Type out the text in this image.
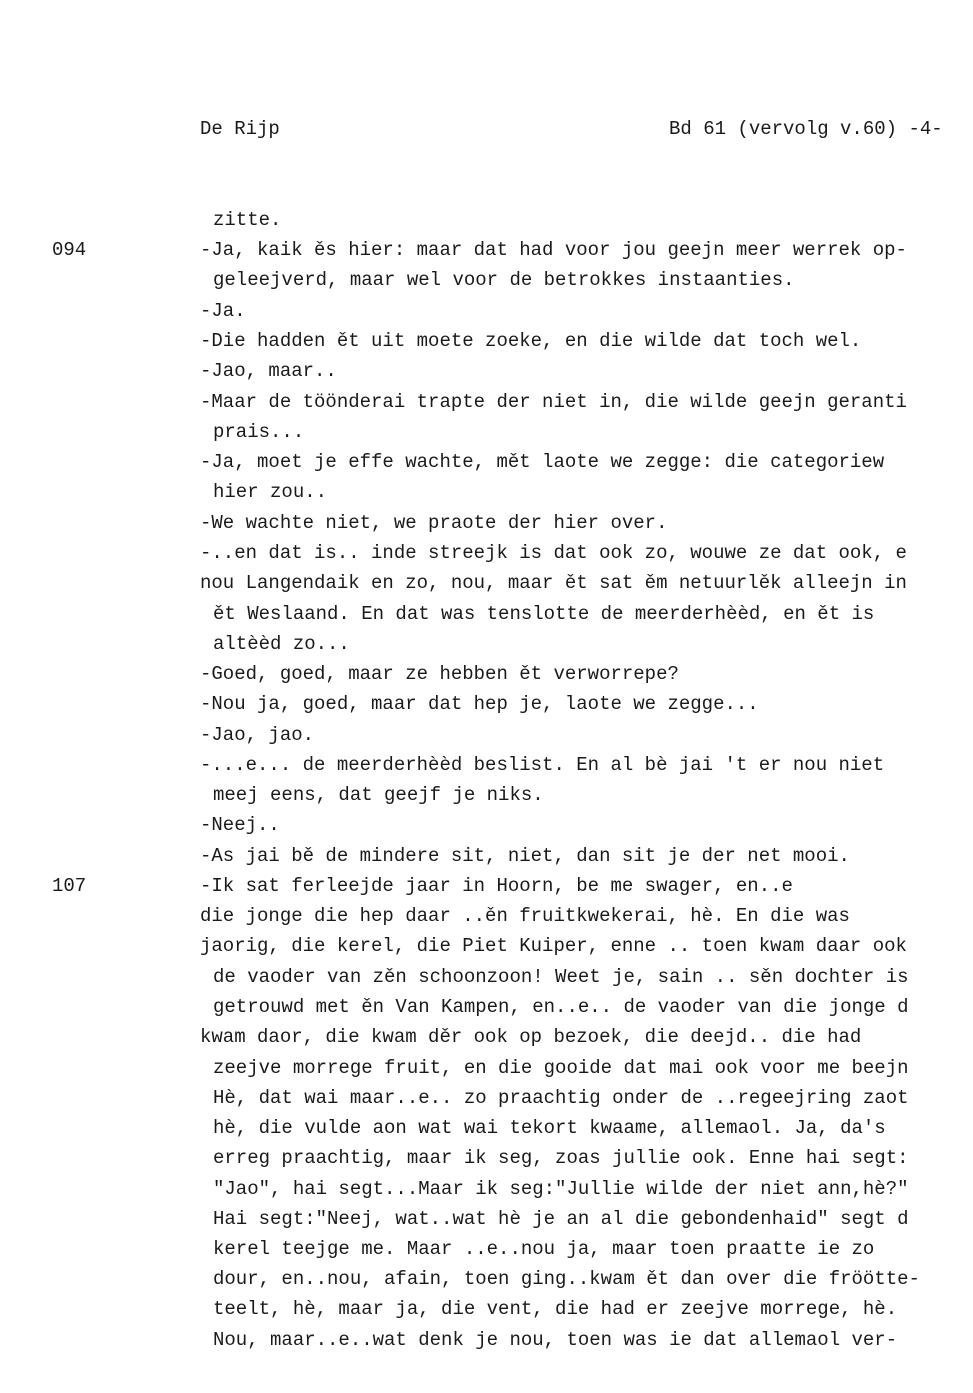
De Rijp	Bd 61 (vervolg v.60) -4-
094
107
zitte.
-Ja, kaik ěs hier: maar dat had voor jou geejn meer werrek op-
geleejverd, maar wel voor de betrokkes instaanties.
-Ja.
-Die hadden ět uit moete zoeke, en die wilde dat toch wel.
-Jao, maar..
-Maar de töönderai trapte der niet in, die wilde geejn geranti
prais...
-Ja, moet je effe wachte, mět laote we zegge: die categoriew
hier zou..
-We wachte niet, we praote der hier over.
-..en dat is.. inde streejk is dat ook zo, wouwe ze dat ook, e
nou Langendaik en zo, nou, maar ět sat ěm netuurlěk alleejn in
ět Weslaand. En dat was tenslotte de meerderhèèd, en ět is
altèèd zo...
-Goed, goed, maar ze hebben ět verworrepe?
-Nou ja, goed, maar dat hep je, laote we zegge...
-Jao, jao.
-...e... de meerderhèèd beslist. En al bè jai 't er nou niet
meej eens, dat geejf je niks.
-Neej..
-As jai bě de mindere sit, niet, dan sit je der net mooi.
-Ik sat ferleejde jaar in Hoorn, be me swager, en..e
die jonge die hep daar ..ěn fruitkwekerai, hè. En die was
jaorig, die kerel, die Piet Kuiper, enne .. toen kwam daar ook
de vaoder van zěn schoonzoon! Weet je, sain .. sěn dochter is
getrouwd met ěn Van Kampen, en..e.. de vaoder van die jonge d
kwam daor, die kwam děr ook op bezoek, die deejd.. die had
zeejve morrege fruit, en die gooide dat mai ook voor me beejn
Hè, dat wai maar..e.. zo praachtig onder de ..regeejring zaot
hè, die vulde aon wat wai tekort kwaame, allemaol. Ja, da's
erreg praachtig, maar ik seg, zoas jullie ook. Enne hai segt:
"Jao", hai segt...Maar ik seg:"Jullie wilde der niet ann,hè?"
Hai segt:"Neej, wat..wat hè je an al die gebondenhaid" segt d
kerel teejge me. Maar ..e..nou ja, maar toen praatte ie zo
dour, en..nou, afain, toen ging..kwam ět dan over die fröötte-
teelt, hè, maar ja, die vent, die had er zeejve morrege, hè.
Nou, maar..e..wat denk je nou, toen was ie dat allemaol ver-
